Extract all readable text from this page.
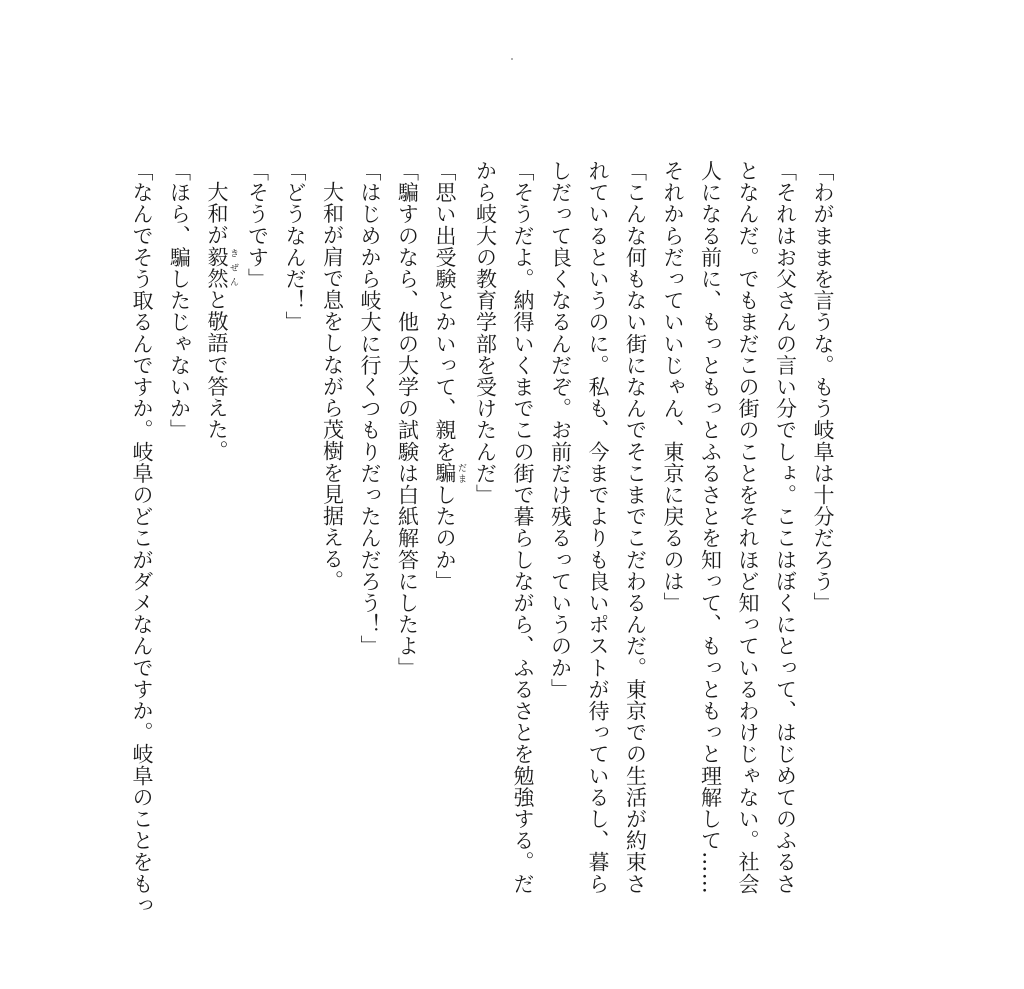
「わがままを言うな。もう岐阜は十分だろう」
「それはお父さんの言い分でしょ。ここはぼくにとって、はじめてのふるさ
となんだ。でもまだこの街のことをそれほど知っているわけじゃない。社会
人になる前に、もっともっとふるさとを知って、もっともっと理解して……
それからだっていいじゃん、東京に戻るのは」
「こんな何もない街になんでそこまでこだわるんだ。東京での生活が約束さ
れているというのに。私も、今までよりも良いポストが待っているし、暮ら
しだって良くなるんだぞ。お前だけ残るっていうのか」
「そうだよ。納得いくまでこの街で暮らしながら、ふるさとを勉強する。だ
から岐大の教育学部を受けたんだ」
「思い出受験とかいって、親を騙 だましたのか」
「騙すのなら、他の大学の試験は白紙解答にしたよ」
「はじめから岐大に行くつもりだったんだろう！」
大和が肩で息をしながら茂樹を見据える。
「どうなんだ！」
「そうです」
大和が毅然 きぜんと敬語で答えた。
「ほら、騙したじゃないか」
「なんでそう取るんですか。岐阜のどこがダメなんですか。岐阜のことをもっ
